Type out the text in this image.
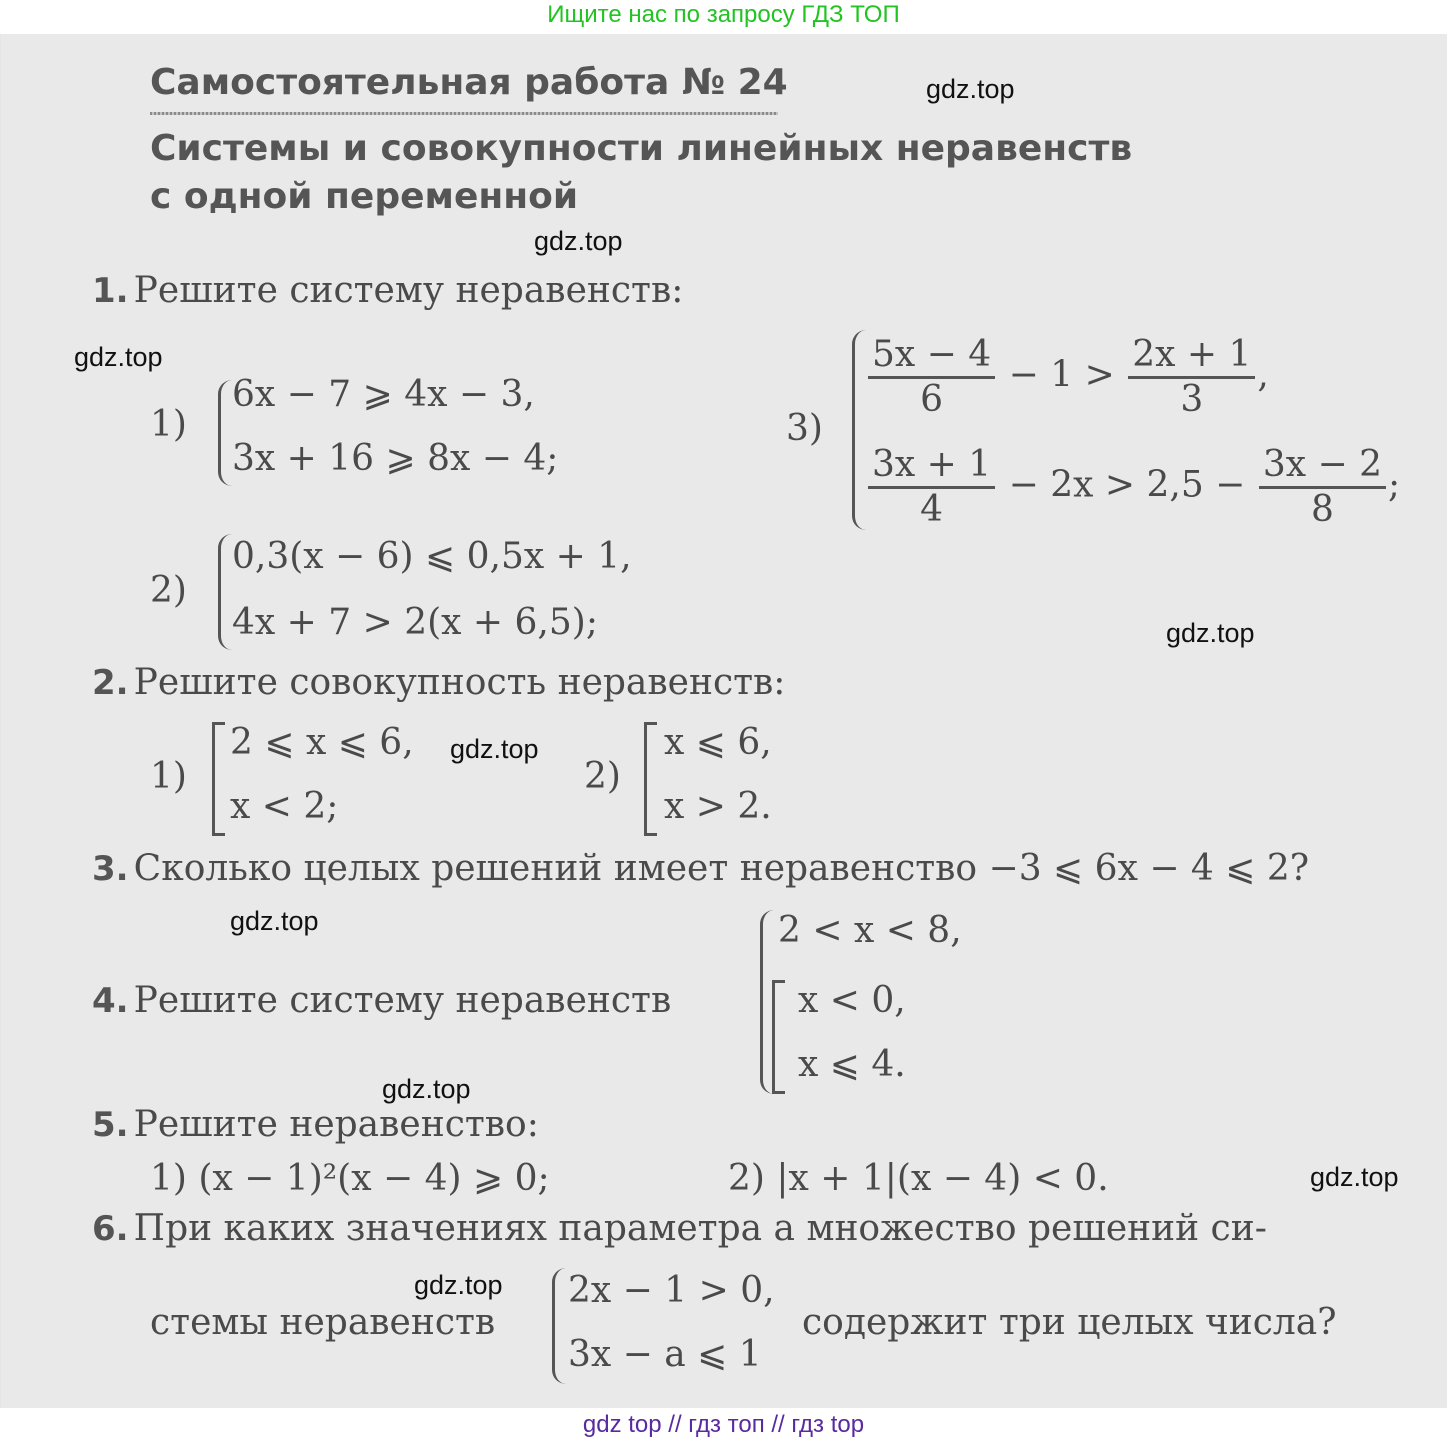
Ищите нас по запросу ГДЗ ТОП
Самостоятельная работа № 24
Системы и совокупности линейных неравенств
с одной переменной
gdz.top
gdz.top
gdz.top
gdz.top
gdz.top
gdz.top
gdz.top
gdz.top
gdz.top
1. Решите систему неравенств:
1)
6x − 7 ⩾ 4x − 3,
3x + 16 ⩾ 8x − 4;
2)
0,3(x − 6) ⩽ 0,5x + 1,
4x + 7 > 2(x + 6,5);
3)
$\frac{5x - 4}{6} - 1 > \frac{2x + 1}{3}$ ,
$\frac{3x + 1}{4} - 2x > 2,5 - \frac{3x - 2}{8}$ ;
2. Решите совокупность неравенств:
1)
2 ⩽ x ⩽ 6,
x < 2;
2)
x ⩽ 6,
x > 2.
3. Сколько целых решений имеет неравенство −3 ⩽ 6x − 4 ⩽ 2?
4. Решите систему неравенств
2 < x < 8,
x < 0,
x ⩽ 4.
5. Решите неравенство:
1) (x − 1)²(x − 4) ⩾ 0;	2) |x + 1|(x − 4) < 0.
6. При каких значениях параметра a множество решений си-
стемы неравенств
2x − 1 > 0,
3x − a ⩽ 1
содержит три целых числа?
gdz top // гдз топ // гдз top
